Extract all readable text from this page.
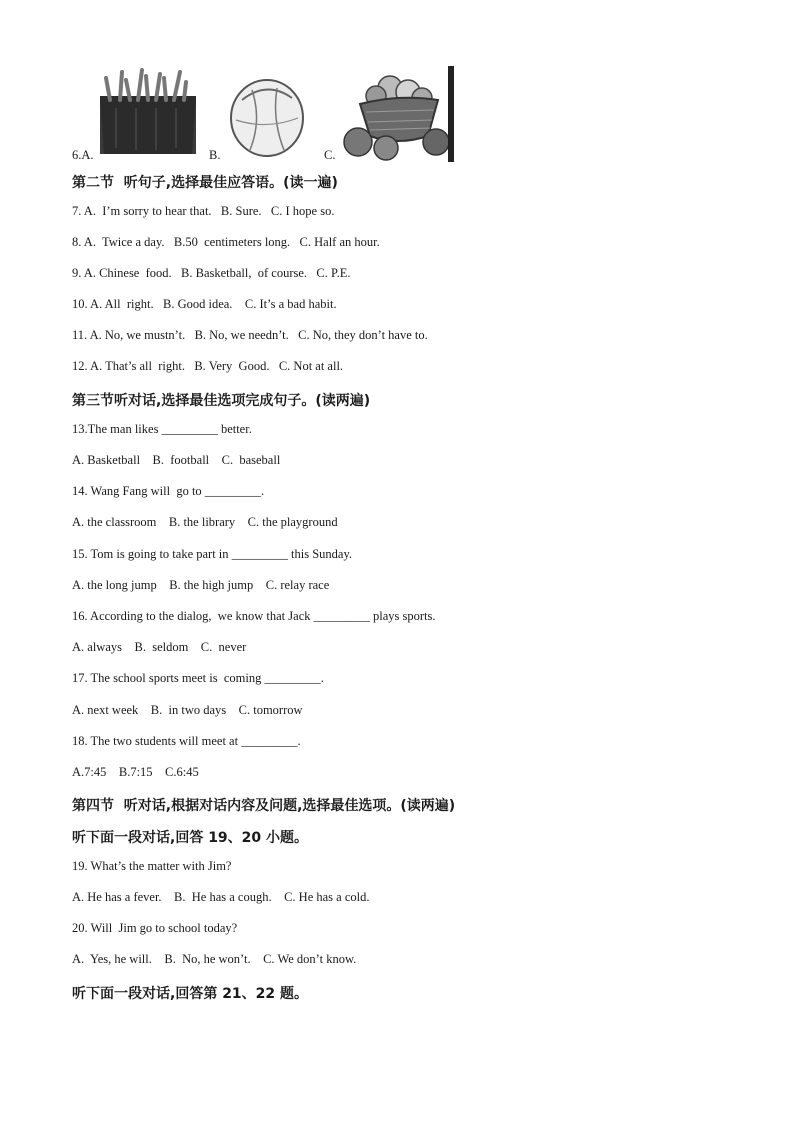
6.A.	B.	C.
第二节  听句子,选择最佳应答语。(读一遍)
7. A.  I’m sorry to hear that.   B. Sure.   C. I hope so.
8. A.  Twice a day.   B.50  centimeters long.   C. Half an hour.
9. A. Chinese  food.   B. Basketball,  of course.   C. P.E.
10. A. All  right.   B. Good idea.    C. It’s a bad habit.
11. A. No, we mustn’t.   B. No, we needn’t.   C. No, they don’t have to.
12. A. That’s all  right.   B. Very  Good.   C. Not at all.
第三节听对话,选择最佳选项完成句子。(读两遍)
13.The man likes _________ better.
A. Basketball    B.  football    C.  baseball
14. Wang Fang will  go to _________.
A. the classroom    B. the library    C. the playground
15. Tom is going to take part in _________ this Sunday.
A. the long jump    B. the high jump    C. relay race
16. According to the dialog,  we know that Jack _________ plays sports.
A. always    B.  seldom    C.  never
17. The school sports meet is  coming _________.
A. next week    B.  in two days    C. tomorrow
18. The two students will meet at _________.
A.7:45    B.7:15    C.6:45
第四节  听对话,根据对话内容及问题,选择最佳选项。(读两遍)
听下面一段对话,回答 19、20 小题。
19. What’s the matter with Jim?
A. He has a fever.    B.  He has a cough.    C. He has a cold.
20. Will  Jim go to school today?
A.  Yes, he will.    B.  No, he won’t.    C. We don’t know.
听下面一段对话,回答第 21、22 题。
